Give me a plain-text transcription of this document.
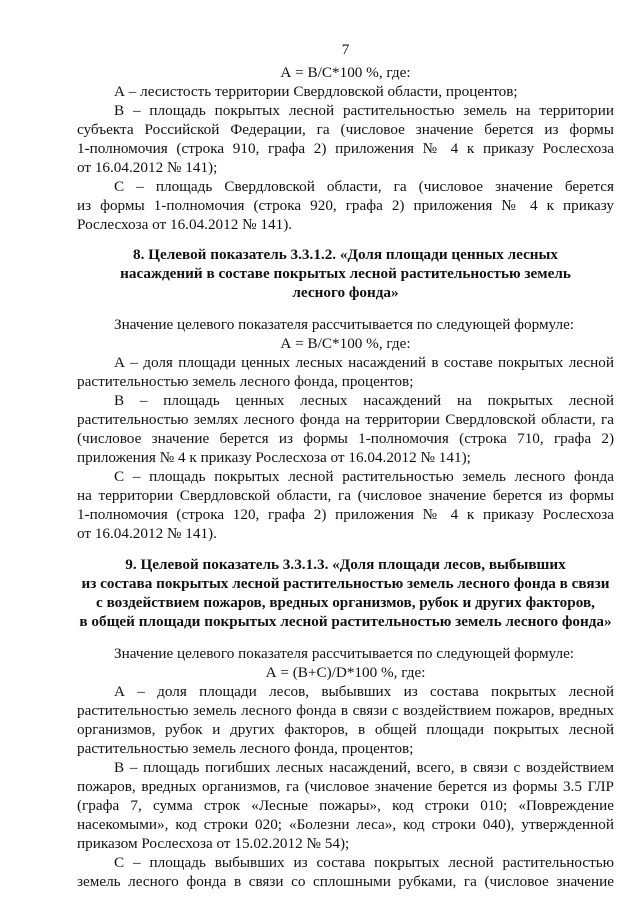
7
А = В/С*100 %, где:
А – лесистость территории Свердловской области, процентов;
В – площадь покрытых лесной растительностью земель на территории
субъекта Российской Федерации, га (числовое значение берется из формы
1-полномочия (строка 910, графа 2) приложения № 4 к приказу Рослесхоза
от 16.04.2012 № 141);
С – площадь Свердловской области, га (числовое значение берется
из формы 1-полномочия (строка 920, графа 2) приложения № 4 к приказу
Рослесхоза от 16.04.2012 № 141).
8. Целевой показатель 3.3.1.2. «Доля площади ценных лесных
насаждений в составе покрытых лесной растительностью земель
лесного фонда»
Значение целевого показателя рассчитывается по следующей формуле:
А = В/С*100 %, где:
А – доля площади ценных лесных насаждений в составе покрытых лесной
растительностью земель лесного фонда, процентов;
В – площадь ценных лесных насаждений на покрытых лесной
растительностью землях лесного фонда на территории Свердловской области, га
(числовое значение берется из формы 1-полномочия (строка 710, графа 2)
приложения № 4 к приказу Рослесхоза от 16.04.2012 № 141);
С – площадь покрытых лесной растительностью земель лесного фонда
на территории Свердловской области, га (числовое значение берется из формы
1-полномочия (строка 120, графа 2) приложения № 4 к приказу Рослесхоза
от 16.04.2012 № 141).
9. Целевой показатель 3.3.1.3. «Доля площади лесов, выбывших
из состава покрытых лесной растительностью земель лесного фонда в связи
с воздействием пожаров, вредных организмов, рубок и других факторов,
в общей площади покрытых лесной растительностью земель лесного фонда»
Значение целевого показателя рассчитывается по следующей формуле:
А = (В+С)/D*100 %, где:
А – доля площади лесов, выбывших из состава покрытых лесной
растительностью земель лесного фонда в связи с воздействием пожаров, вредных
организмов, рубок и других факторов, в общей площади покрытых лесной
растительностью земель лесного фонда, процентов;
В – площадь погибших лесных насаждений, всего, в связи с воздействием
пожаров, вредных организмов, га (числовое значение берется из формы 3.5 ГЛР
(графа 7, сумма строк «Лесные пожары», код строки 010; «Повреждение
насекомыми», код строки 020; «Болезни леса», код строки 040), утвержденной
приказом Рослесхоза от 15.02.2012 № 54);
С – площадь выбывших из состава покрытых лесной растительностью
земель лесного фонда в связи со сплошными рубками, га (числовое значение
